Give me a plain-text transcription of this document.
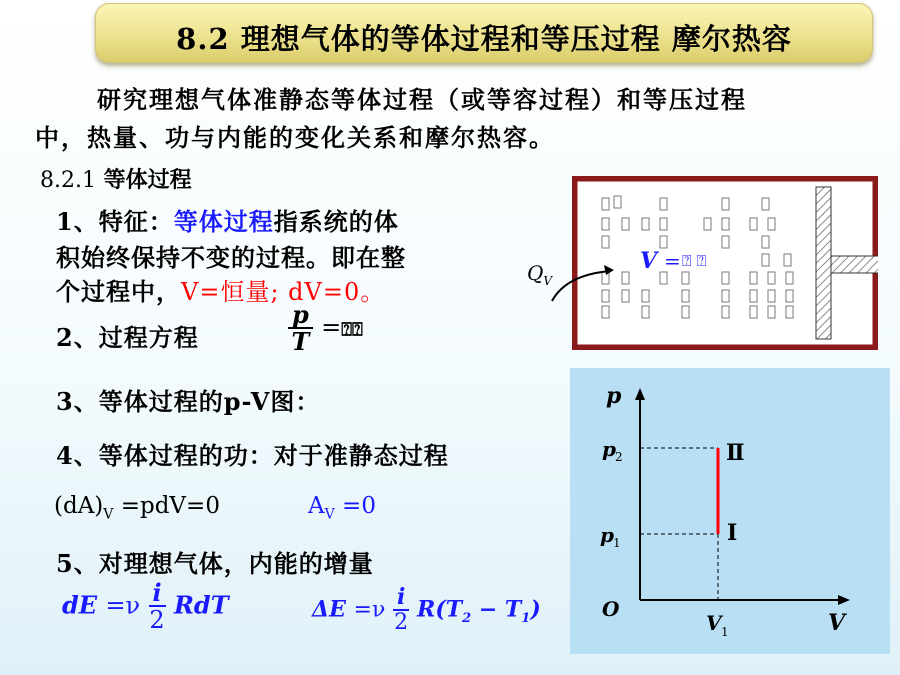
8.2 理想气体的等体过程和等压过程 摩尔热容
研究理想气体准静态等体过程（或等容过程）和等压过程
中，热量、功与内能的变化关系和摩尔热容。
8.2.1 等体过程
1、特征：等体过程指系统的体
积始终保持不变的过程。即在整
个过程中，V=恒量; dV=0。
2、过程方程	$\frac{p}{T}$ =⍰⍰
3、等体过程的p-V图：
4、等体过程的功：对于准静态过程
$(dA)_V =pdV=0$	$A_V =0$
5、对理想气体，内能的增量
dE $=\nu \frac{i}{2}$ RdT	$\Delta E =\nu \frac{i}{2} R(T_2 - T_1)$
V = ⍰ ⍰
$Q_V$
p
V
O
p 2
p 1
V 1
Ⅱ
Ⅰ
